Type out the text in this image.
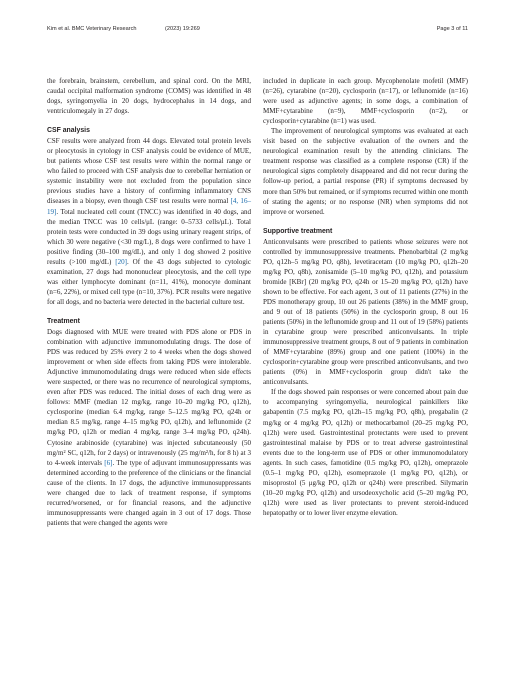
Kim et al. BMC Veterinary Research	(2023) 19:269	Page 3 of 11

the forebrain, brainstem, cerebellum, and spinal cord. On the MRI, caudal occipital malformation syndrome (COMS) was identified in 48 dogs, syringomyelia in 20 dogs, hydrocephalus in 14 dogs, and ventriculomegaly in 27 dogs.

CSF analysis

CSF results were analyzed from 44 dogs. Elevated total protein levels or pleocytosis in cytology in CSF analysis could be evidence of MUE, but patients whose CSF test results were within the normal range or who failed to proceed with CSF analysis due to cerebellar herniation or systemic instability were not excluded from the population since previous studies have a history of confirming inflammatory CNS diseases in a biopsy, even though CSF test results were normal [4, 16–19]. Total nucleated cell count (TNCC) was identified in 40 dogs, and the median TNCC was 10 cells/μL (range: 0–5733 cells/μL). Total protein tests were conducted in 39 dogs using urinary reagent strips, of which 30 were negative (<30 mg/L), 8 dogs were confirmed to have 1 positive finding (30–100 mg/dL), and only 1 dog showed 2 positive results (>100 mg/dL) [20]. Of the 43 dogs subjected to cytologic examination, 27 dogs had mononuclear pleocytosis, and the cell type was either lymphocyte dominant (n=11, 41%), monocyte dominant (n=6, 22%), or mixed cell type (n=10, 37%). PCR results were negative for all dogs, and no bacteria were detected in the bacterial culture test.

Treatment

Dogs diagnosed with MUE were treated with PDS alone or PDS in combination with adjunctive immunomodulating drugs. The dose of PDS was reduced by 25% every 2 to 4 weeks when the dogs showed improvement or when side effects from taking PDS were intolerable. Adjunctive immunomodulating drugs were reduced when side effects were suspected, or there was no recurrence of neurological symptoms, even after PDS was reduced. The initial doses of each drug were as follows: MMF (median 12 mg/kg, range 10–20 mg/kg PO, q12h), cyclosporine (median 6.4 mg/kg, range 5–12.5 mg/kg PO, q24h or median 8.5 mg/kg, range 4–15 mg/kg PO, q12h), and leflunomide (2 mg/kg PO, q12h or median 4 mg/kg, range 3–4 mg/kg PO, q24h). Cytosine arabinoside (cytarabine) was injected subcutaneously (50 mg/m² SC, q12h, for 2 days) or intravenously (25 mg/m²/h, for 8 h) at 3 to 4-week intervals [6]. The type of adjuvant immunosuppressants was determined according to the preference of the clinicians or the financial cause of the clients. In 17 dogs, the adjunctive immunosuppressants were changed due to lack of treatment response, if symptoms recurred/worsened, or for financial reasons, and the adjunctive immunosuppressants were changed again in 3 out of 17 dogs. Those patients that were changed the agents were

included in duplicate in each group. Mycophenolate mofetil (MMF) (n=26), cytarabine (n=20), cyclosporin (n=17), or leflunomide (n=16) were used as adjunctive agents; in some dogs, a combination of MMF+cytarabine (n=9), MMF+cyclosporin (n=2), or cyclosporin+cytarabine (n=1) was used.

The improvement of neurological symptoms was evaluated at each visit based on the subjective evaluation of the owners and the neurological examination result by the attending clinicians. The treatment response was classified as a complete response (CR) if the neurological signs completely disappeared and did not recur during the follow-up period, a partial response (PR) if symptoms decreased by more than 50% but remained, or if symptoms recurred within one month of stating the agents; or no response (NR) when symptoms did not improve or worsened.

Supportive treatment

Anticonvulsants were prescribed to patients whose seizures were not controlled by immunosuppressive treatments. Phenobarbital (2 mg/kg PO, q12h–5 mg/kg PO, q8h), levetiracetam (10 mg/kg PO, q12h–20 mg/kg PO, q8h), zonisamide (5–10 mg/kg PO, q12h), and potassium bromide [KBr] (20 mg/kg PO, q24h or 15–20 mg/kg PO, q12h) have shown to be effective. For each agent, 3 out of 11 patients (27%) in the PDS monotherapy group, 10 out 26 patients (38%) in the MMF group, and 9 out of 18 patients (50%) in the cyclosporin group, 8 out 16 patients (50%) in the leflunomide group and 11 out of 19 (58%) patients in cytarabine group were prescribed anticonvulsants. In triple immunosuppressive treatment groups, 8 out of 9 patients in combination of MMF+cytarabine (89%) group and one patient (100%) in the cyclosporin+cytarabine group were prescribed anticonvulsants, and two patients (0%) in MMF+cyclosporin group didn't take the anticonvulsants.

If the dogs showed pain responses or were concerned about pain due to accompanying syringomyelia, neurological painkillers like gabapentin (7.5 mg/kg PO, q12h–15 mg/kg PO, q8h), pregabalin (2 mg/kg or 4 mg/kg PO, q12h) or methocarbamol (20–25 mg/kg PO, q12h) were used. Gastrointestinal protectants were used to prevent gastrointestinal malaise by PDS or to treat adverse gastrointestinal events due to the long-term use of PDS or other immunomodulatory agents. In such cases, famotidine (0.5 mg/kg PO, q12h), omeprazole (0.5–1 mg/kg PO, q12h), esomeprazole (1 mg/kg PO, q12h), or misoprostol (5 μg/kg PO, q12h or q24h) were prescribed. Silymarin (10–20 mg/kg PO, q12h) and ursodeoxycholic acid (5–20 mg/kg PO, q12h) were used as liver protectants to prevent steroid-induced hepatopathy or to lower liver enzyme elevation.
